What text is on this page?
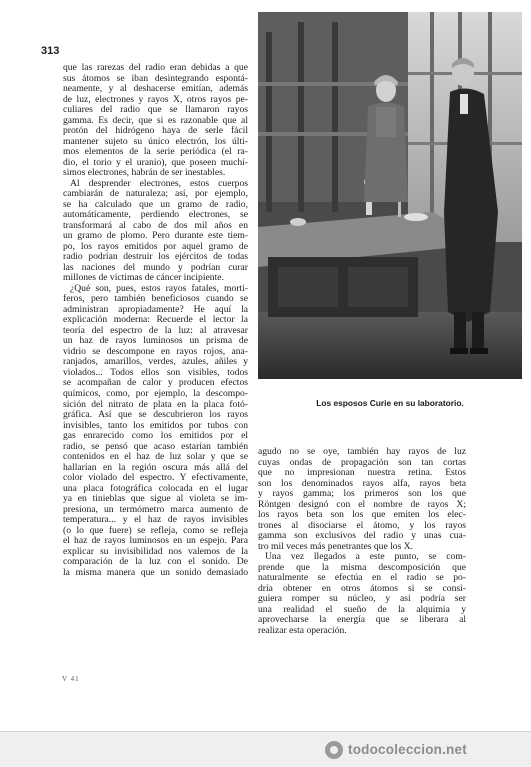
313
Los esposos Curie en su laboratorio.
que las rarezas del radio eran debidas a que
sus átomos se iban desintegrando espontá-
neamente, y al deshacerse emitían, además
de luz, electrones y rayos X, otros rayos pe-
culiares del radio que se llamaron rayos
gamma. Es decir, que si es razonable que al
protón del hidrógeno haya de serle fácil
mantener sujeto su único electrón, los últi-
mos elementos de la serie periódica (el ra-
dio, el torio y el uranio), que poseen muchí-
simos electrones, habrán de ser inestables.
Al desprender electrones, estos cuerpos
cambiarán de naturaleza; así, por ejemplo,
se ha calculado que un gramo de radio,
automáticamente, perdiendo electrones, se
transformará al cabo de dos mil años en
un gramo de plomo. Pero durante este tiem-
po, los rayos emitidos por aquel gramo de
radio podrían destruir los ejércitos de todas
las naciones del mundo y podrían curar
millones de víctimas de cáncer incipiente.
¿Qué son, pues, estos rayos fatales, morti-
feros, pero también beneficiosos cuando se
administran apropiadamente? He aquí la
explicación moderna: Recuerde el lector la
teoría del espectro de la luz: al atravesar
un haz de rayos luminosos un prisma de
vidrio se descompone en rayos rojos, ana-
ranjados, amarillos, verdes, azules, añiles y
violados... Todos ellos son visibles, todos
se acompañan de calor y producen efectos
químicos, como, por ejemplo, la descompo-
sición del nitrato de plata en la placa fotó-
gráfica. Así que se descubrieron los rayos
invisibles, tanto los emitidos por tubos con
gas enrarecido como los emitidos por el
radio, se pensó que acaso estarían también
contenidos en el haz de luz solar y que se
hallarían en la región oscura más allá del
color violado del espectro. Y efectivamente,
una placa fotográfica colocada en el lugar
ya en tinieblas que sigue al violeta se im-
presiona, un termómetro marca aumento de
temperatura... y el haz de rayos invisibles
(o lo que fuere) se refleja, como se refleja
el haz de rayos luminosos en un espejo. Para
explicar su invisibilidad nos valemos de la
comparación de la luz con el sonido. De
la misma manera que un sonido demasiado
agudo no se oye, también hay rayos de luz
cuyas ondas de propagación son tan cortas
que no impresionan nuestra retina. Estos
son los denominados rayos alfa, rayos beta
y rayos gamma; los primeros son los que
Röntgen designó con el nombre de rayos X;
los rayos beta son los que emiten los elec-
trones al disociarse el átomo, y los rayos
gamma son exclusivos del radio y unas cua-
tro mil veces más penetrantes que los X.
Una vez llegados a este punto, se com-
prende que la misma descomposición que
naturalmente se efectúa en el radio se po-
dría obtener en otros átomos si se consi-
guiera romper su núcleo, y así podría ser
una realidad el sueño de la alquimia y
aprovecharse la energía que se liberara al
realizar esta operación.
V 41
todocoleccion.net
